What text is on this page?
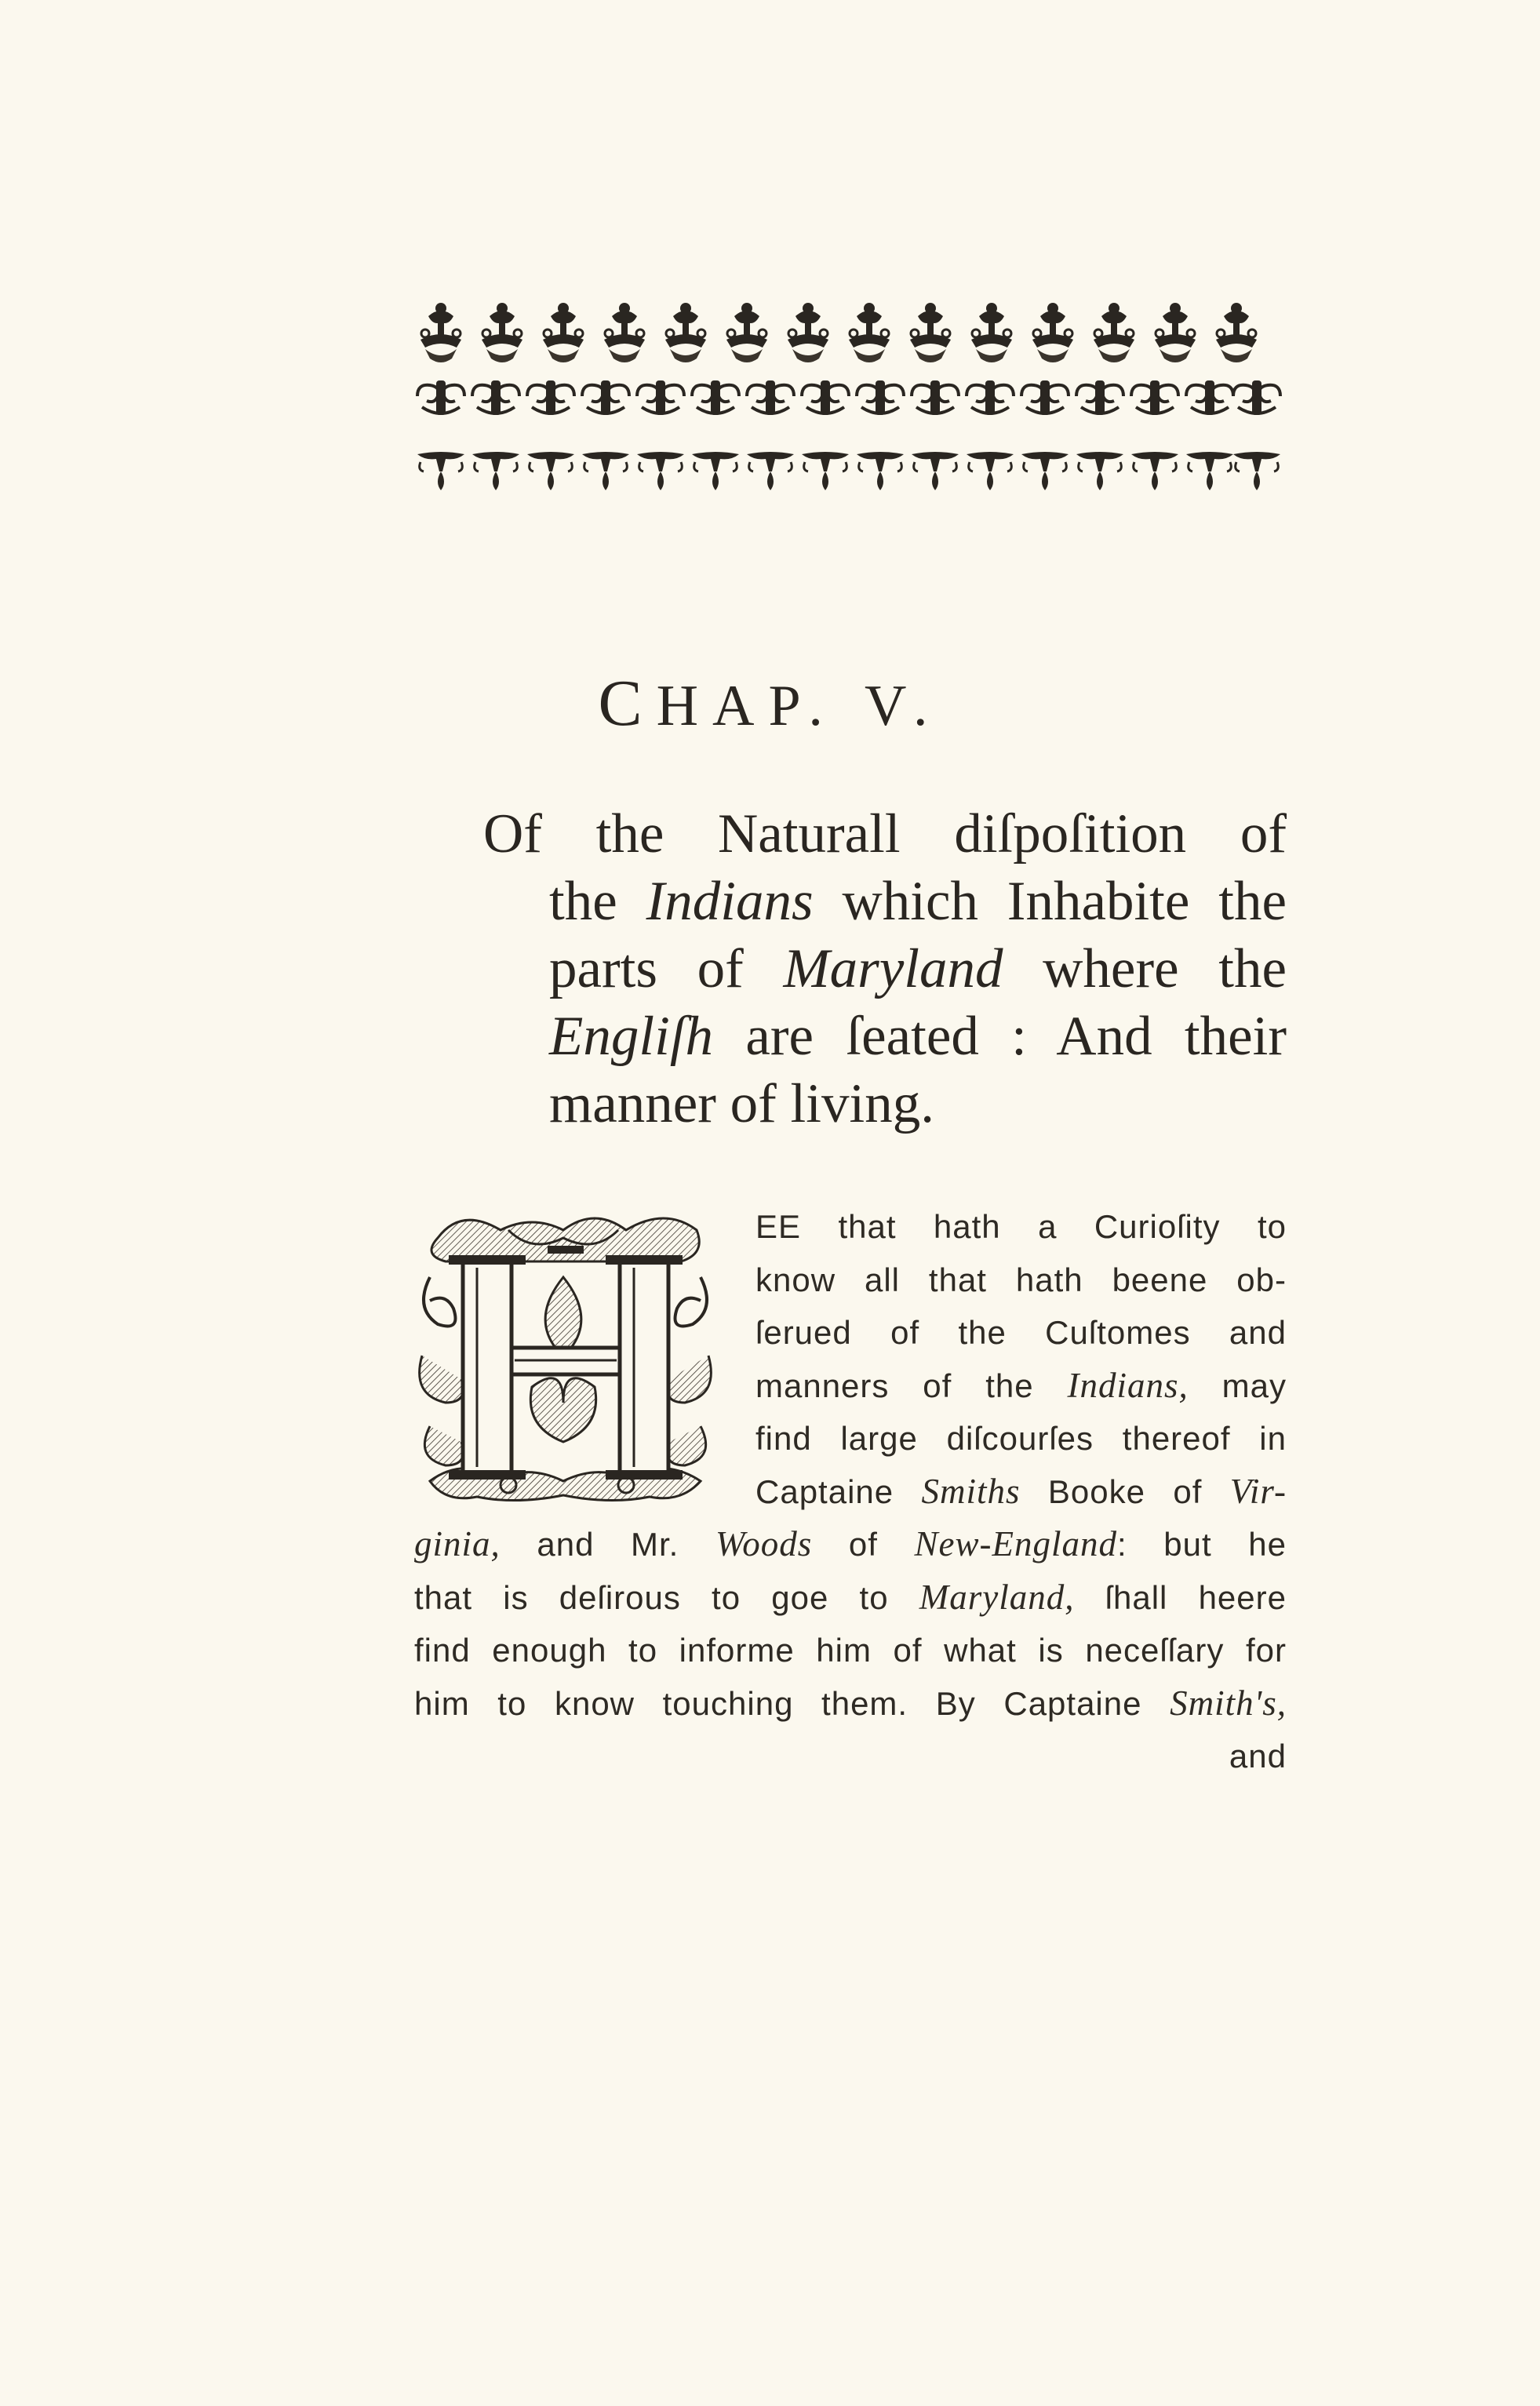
CHAP. V.
Of the Naturall diſpoſition of
the Indians which Inhabite the
parts of Maryland where the
Engliſh are ſeated : And their
manner of living.
H
EE that hath a Curioſity to
know all that hath beene ob-
ſerued of the Cuſtomes and
manners of the Indians, may
find large diſcourſes thereof in
Captaine Smiths Booke of Vir-
ginia, and Mr. Woods of New-England: but he
that is deſirous to goe to Maryland, ſhall heere
find enough to informe him of what is neceſſary for
him to know touching them. By Captaine Smith's,
and
